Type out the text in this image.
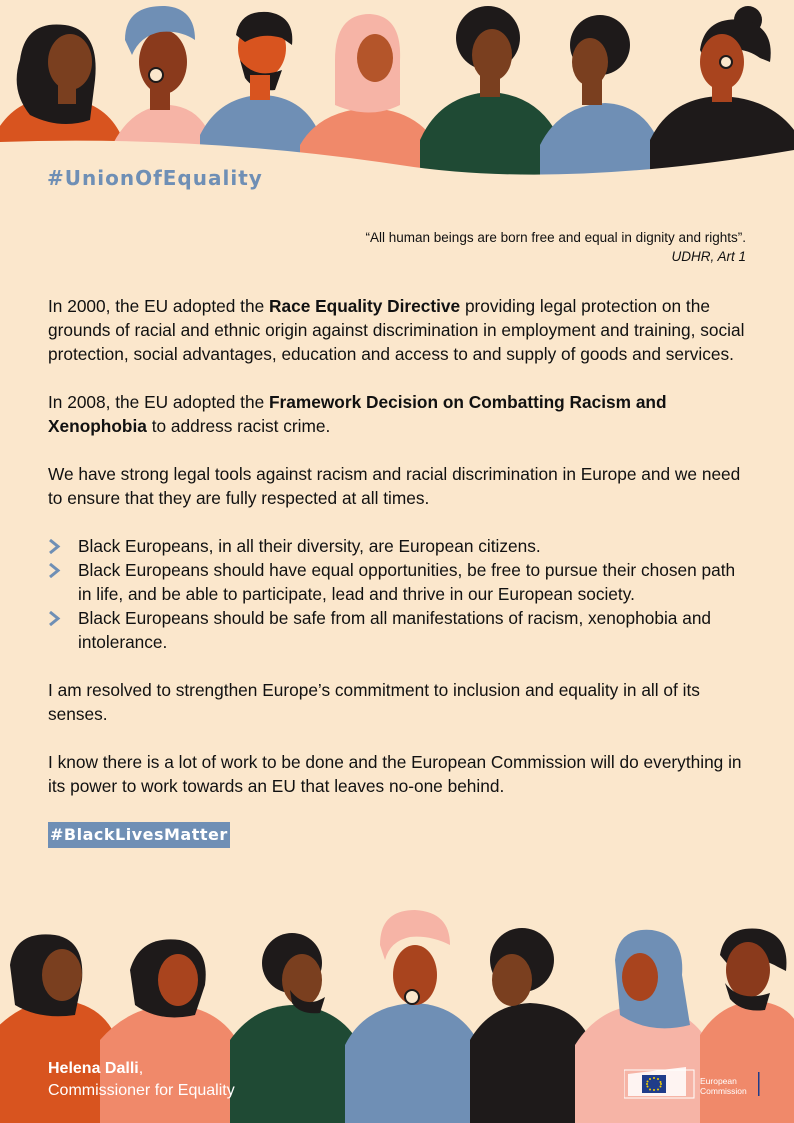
#UnionOfEquality
“All human beings are born free and equal in dignity and rights”.
UDHR, Art 1

In 2000, the EU adopted the Race Equality Directive providing legal protection on the grounds of racial and ethnic origin against discrimination in employment and training, social protection, social advantages, education and access to and supply of goods and services.

In 2008, the EU adopted the Framework Decision on Combatting Racism and Xenophobia to address racist crime.

We have strong legal tools against racism and racial discrimination in Europe and we need to ensure that they are fully respected at all times.

Black Europeans, in all their diversity, are European citizens.
Black Europeans should have equal opportunities, be free to pursue their chosen path in life, and be able to participate, lead and thrive in our European society.
Black Europeans should be safe from all manifestations of racism, xenophobia and intolerance.

I am resolved to strengthen Europe’s commitment to inclusion and equality in all of its senses.

I know there is a lot of work to be done and the European Commission will do everything in its power to work towards an EU that leaves no-one behind.

#BlackLivesMatter
Helena Dalli,
Commissioner for Equality
European
Commission
